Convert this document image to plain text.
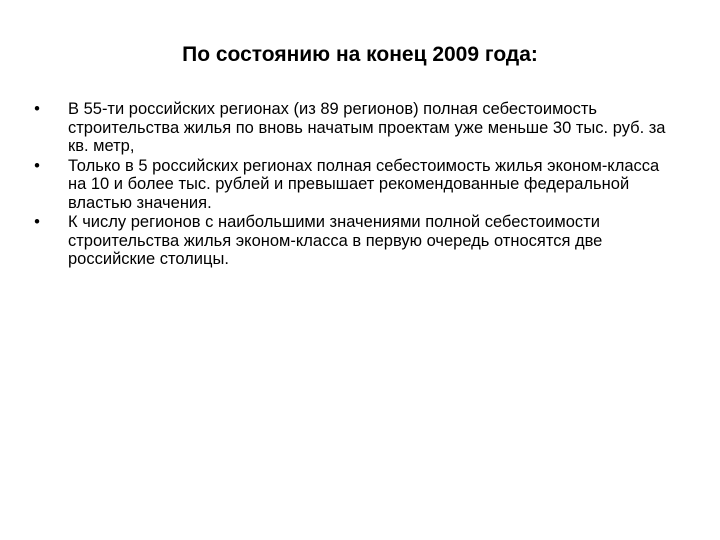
По состоянию на конец 2009 года:
• В 55-ти российских регионах (из 89 регионов) полная себестоимость строительства жилья по вновь начатым проектам уже меньше 30 тыс. руб. за кв. метр,
• Только в 5 российских регионах полная себестоимость жилья эконом-класса на 10 и более тыс. рублей и превышает рекомендованные федеральной властью значения.
• К числу регионов с наибольшими значениями полной себестоимости строительства жилья эконом-класса в первую очередь относятся две российские столицы.
